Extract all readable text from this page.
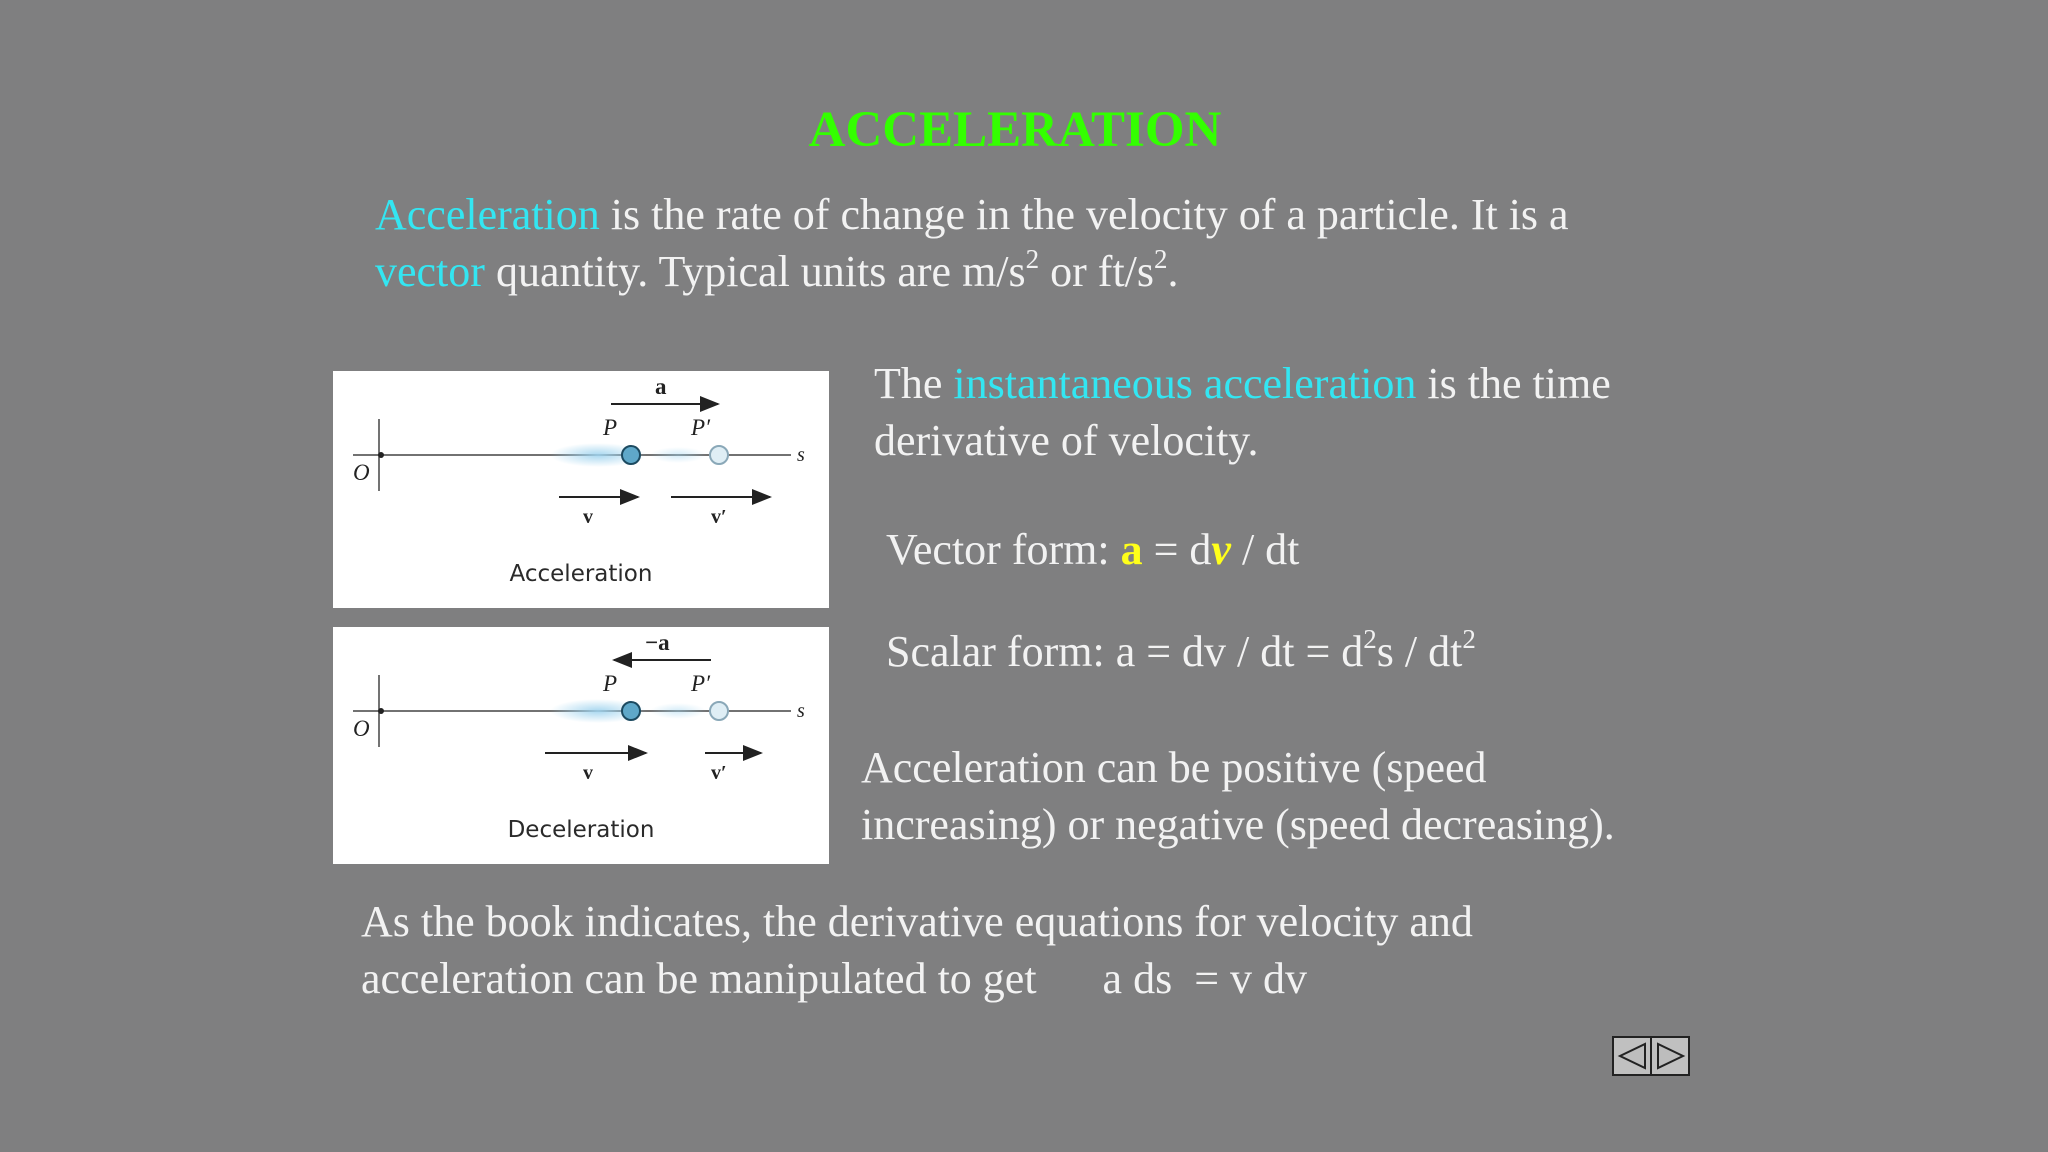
ACCELERATION
Acceleration is the rate of change in the velocity of a particle. It is a
vector quantity. Typical units are $m/s^2$ or $ft/s^2$.
The instantaneous acceleration is the time
derivative of velocity.
Vector form: a = dv / dt
Scalar form: a = dv / dt = $d^2s / dt^2$
Acceleration can be positive (speed
increasing) or negative (speed decreasing).
As the book indicates, the derivative equations for velocity and
acceleration can be manipulated to get      a ds  = v dv
a
O
P	P′
s
v	v′
Acceleration
−a
O
P	P′
s
v	v′
Deceleration
